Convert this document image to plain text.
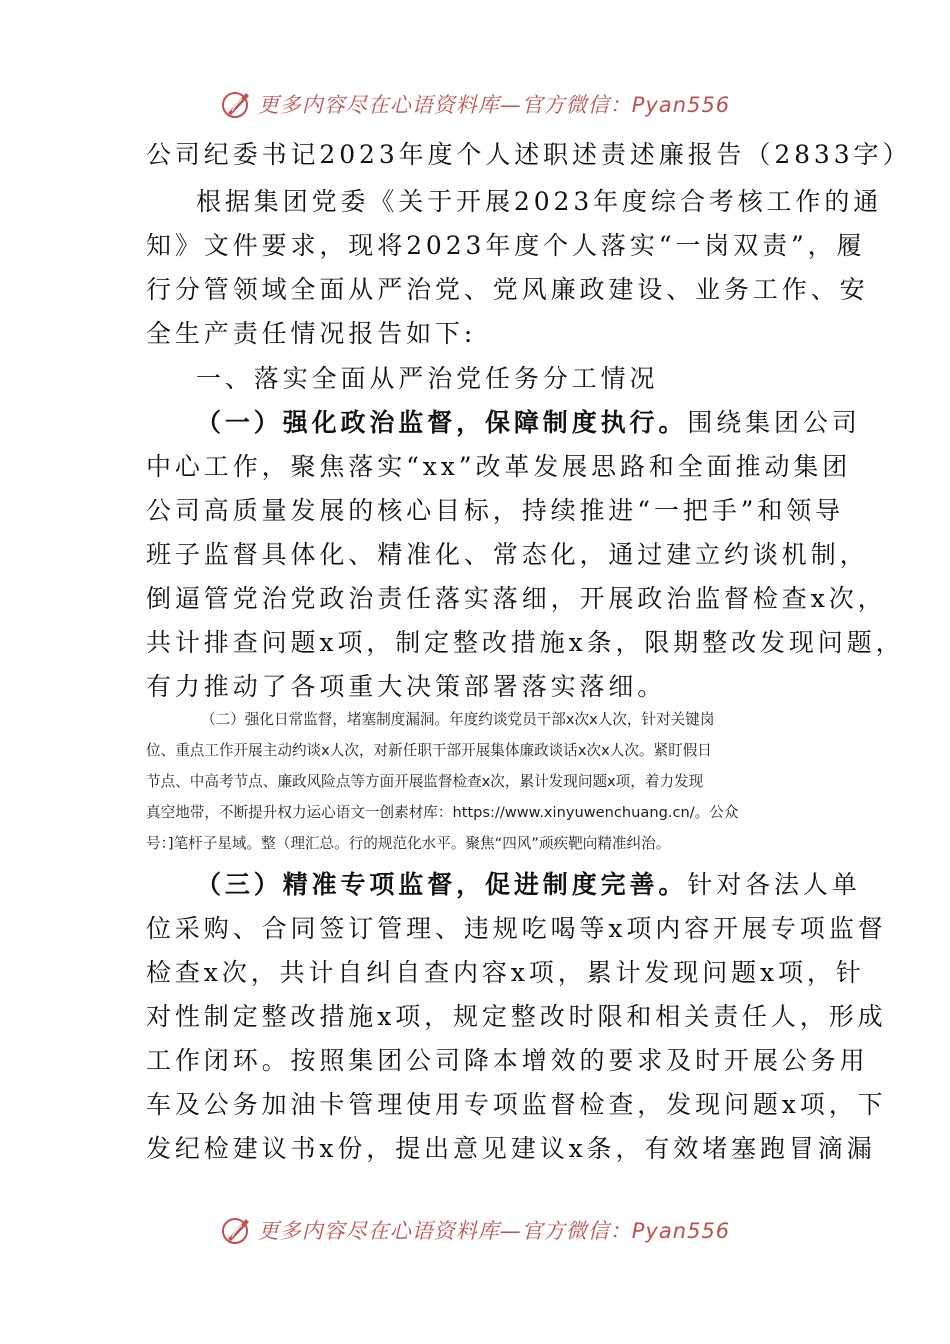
更多内容尽在心语资料库—官方微信：Pyan556
公司纪委书记2023年度个人述职述责述廉报告（2833字）
根据集团党委《关于开展2023年度综合考核工作的通
知》文件要求，现将2023年度个人落实“一岗双责”，履
行分管领域全面从严治党、党风廉政建设、业务工作、安
全生产责任情况报告如下:
一、落实全面从严治党任务分工情况
（一）强化政治监督，保障制度执行。围绕集团公司
中心工作，聚焦落实“xx”改革发展思路和全面推动集团
公司高质量发展的核心目标，持续推进“一把手”和领导
班子监督具体化、精准化、常态化，通过建立约谈机制，
倒逼管党治党政治责任落实落细，开展政治监督检查x次，
共计排查问题x项，制定整改措施x条，限期整改发现问题，
有力推动了各项重大决策部署落实落细。
（二）强化日常监督，堵塞制度漏洞。年度约谈党员干部x次x人次，针对关键岗
位、重点工作开展主动约谈x人次，对新任职干部开展集体廉政谈话x次x人次。紧盯假日
节点、中高考节点、廉政风险点等方面开展监督检查x次，累计发现问题x项，着力发现
真空地带，不断提升权力运心语文一创素材库：https://www.xinyuwenchuang.cn/。公众
号：]笔杆子星域。整（理汇总。行的规范化水平。聚焦“四风”顽疾靶向精准纠治。
（三）精准专项监督，促进制度完善。针对各法人单
位采购、合同签订管理、违规吃喝等x项内容开展专项监督
检查x次，共计自纠自查内容x项，累计发现问题x项，针
对性制定整改措施x项，规定整改时限和相关责任人，形成
工作闭环。按照集团公司降本增效的要求及时开展公务用
车及公务加油卡管理使用专项监督检查，发现问题x项，下
发纪检建议书x份，提出意见建议x条，有效堵塞跑冒滴漏
更多内容尽在心语资料库—官方微信：Pyan556
